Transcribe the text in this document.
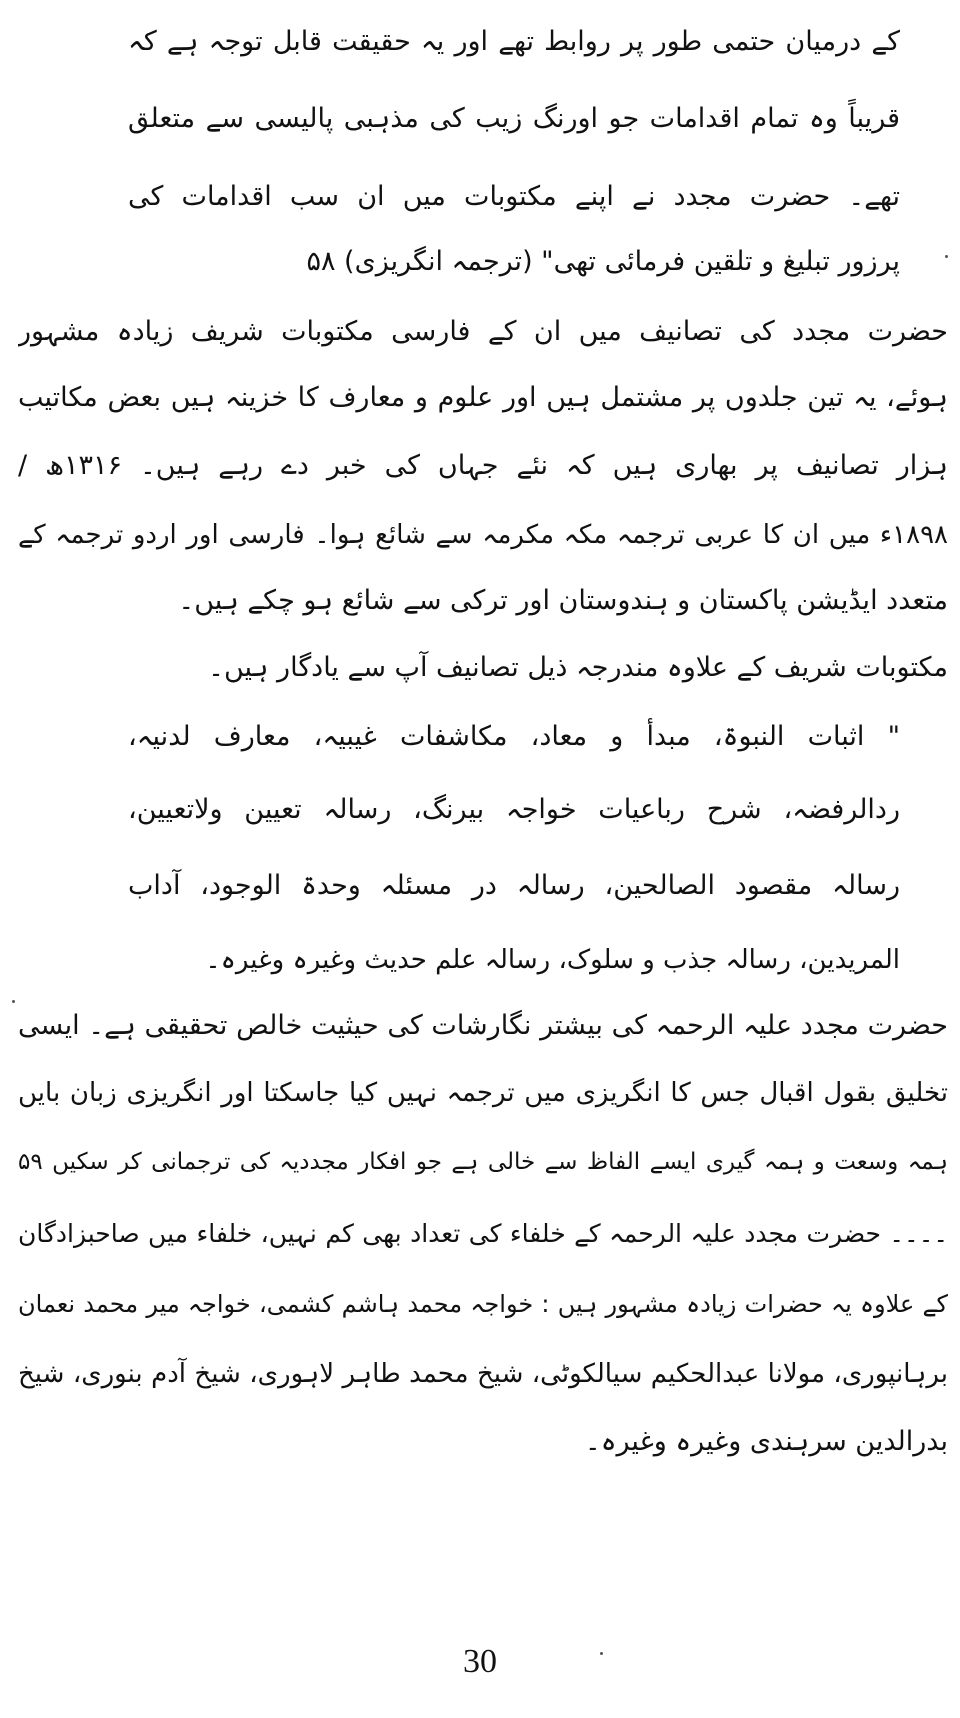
کے درمیان حتمی طور پر روابط تھے اور یہ حقیقت قابل توجہ ہے کہ
قریباً وہ تمام اقدامات جو اورنگ زیب کی مذہبی پالیسی سے متعلق
تھے۔ حضرت مجدد نے اپنے مکتوبات میں ان سب اقدامات کی
پرزور تبلیغ و تلقین فرمائی تھی" (ترجمہ انگریزی) ۵۸
حضرت مجدد کی تصانیف میں ان کے فارسی مکتوبات شریف زیادہ مشہور
ہوئے، یہ تین جلدوں پر مشتمل ہیں اور علوم و معارف کا خزینہ ہیں بعض مکاتیب
ہزار تصانیف پر بھاری ہیں کہ نئے جہاں کی خبر دے رہے ہیں۔ ۱۳۱۶ھ /
۱۸۹۸ء میں ان کا عربی ترجمہ مکہ مکرمہ سے شائع ہوا۔ فارسی اور اردو ترجمہ کے
متعدد ایڈیشن پاکستان و ہندوستان اور ترکی سے شائع ہو چکے ہیں۔
مکتوبات شریف کے علاوہ مندرجہ ذیل تصانیف آپ سے یادگار ہیں۔
" اثبات النبوۃ، مبدأ و معاد، مکاشفات غیبیہ، معارف لدنیہ،
ردالرفضہ، شرح رباعیات خواجہ بیرنگ، رسالہ تعیین ولاتعیین،
رسالہ مقصود الصالحین، رسالہ در مسئلہ وحدۃ الوجود، آداب
المریدین، رسالہ جذب و سلوک، رسالہ علم حدیث وغیرہ وغیرہ۔
حضرت مجدد علیہ الرحمہ کی بیشتر نگارشات کی حیثیت خالص تحقیقی ہے۔ ایسی
تخلیق بقول اقبال جس کا انگریزی میں ترجمہ نہیں کیا جاسکتا اور انگریزی زبان بایں
ہمہ وسعت و ہمہ گیری ایسے الفاظ سے خالی ہے جو افکار مجددیہ کی ترجمانی کر سکیں ۵۹
۔۔۔۔ حضرت مجدد علیہ الرحمہ کے خلفاء کی تعداد بھی کم نہیں، خلفاء میں صاحبزادگان
کے علاوہ یہ حضرات زیادہ مشہور ہیں : خواجہ محمد ہاشم کشمی، خواجہ میر محمد نعمان
برہانپوری، مولانا عبدالحکیم سیالکوٹی، شیخ محمد طاہر لاہوری، شیخ آدم بنوری، شیخ
بدرالدین سرہندی وغیرہ وغیرہ۔
30
